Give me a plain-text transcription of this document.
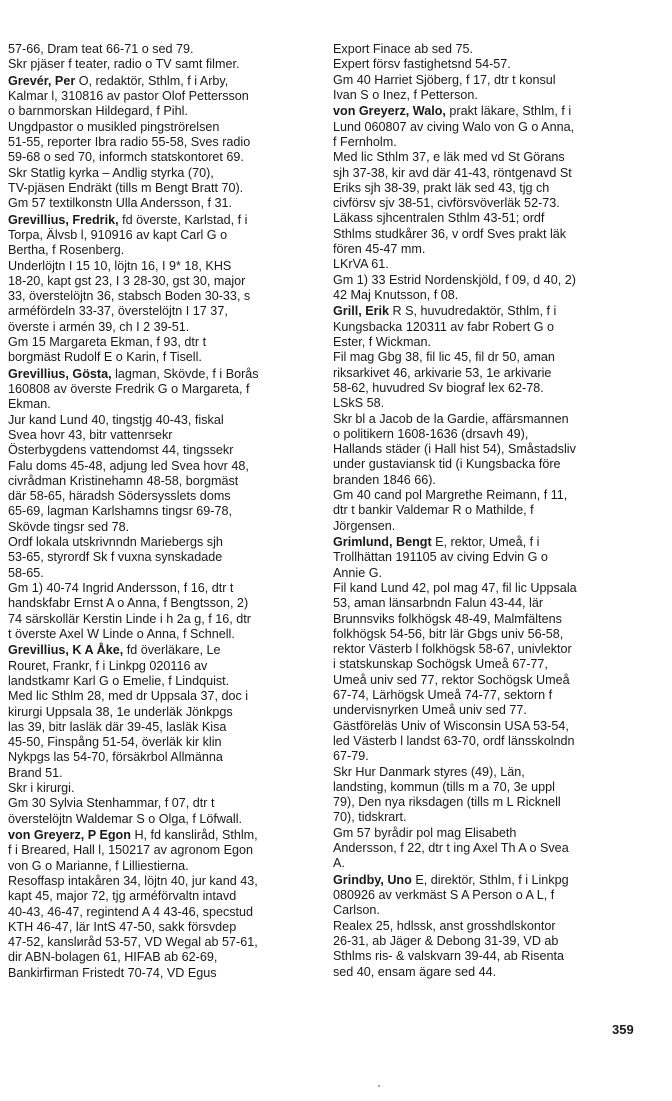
57-66, Dram teat 66-71 o sed 79.

Skr pjäser f teater, radio o TV samt filmer.

Grevér, Per O, redaktör, Sthlm, f i Arby,

Kalmar l, 310816 av pastor Olof Pettersson

o barnmorskan Hildegard, f Pihl.

Ungdpastor o musikled pingströrelsen

51-55, reporter Ibra radio 55-58, Sves radio

59-68 o sed 70, informch statskontoret 69.

Skr Statlig kyrka – Andlig styrka (70),

TV-pjäsen Endräkt (tills m Bengt Bratt 70).

Gm 57 textilkonstn Ulla Andersson, f 31.

Grevillius, Fredrik, fd överste, Karlstad, f i

Torpa, Älvsb l, 910916 av kapt Carl G o

Bertha, f Rosenberg.

Underlöjtn I 15 10, löjtn 16, I 9* 18, KHS

18-20, kapt gst 23, I 3 28-30, gst 30, major

33, överstelöjtn 36, stabsch Boden 30-33, s

arméfördeln 33-37, överstelöjtn I 17 37,

överste i armén 39, ch I 2 39-51.

Gm 15 Margareta Ekman, f 93, dtr t

borgmäst Rudolf E o Karin, f Tisell.

Grevillius, Gösta, lagman, Skövde, f i Borås

160808 av överste Fredrik G o Margareta, f

Ekman.

Jur kand Lund 40, tingstjg 40-43, fiskal

Svea hovr 43, bitr vattenrsekr

Österbygdens vattendomst 44, tingssekr

Falu doms 45-48, adjung led Svea hovr 48,

civrådman Kristinehamn 48-58, borgmäst

där 58-65, häradsh Södersysslets doms

65-69, lagman Karlshamns tingsr 69-78,

Skövde tingsr sed 78.

Ordf lokala utskrivnndn Mariebergs sjh

53-65, styrordf Sk f vuxna synskadade

58-65.

Gm 1) 40-74 Ingrid Andersson, f 16, dtr t

handskfabr Ernst A o Anna, f Bengtsson, 2)

74 särskollär Kerstin Linde i h 2a g, f 16, dtr

t överste Axel W Linde o Anna, f Schnell.

Grevillius, K A Åke, fd överläkare, Le

Rouret, Frankr, f i Linkpg 020116 av

landstkamr Karl G o Emelie, f Lindquist.

Med lic Sthlm 28, med dr Uppsala 37, doc i

kirurgi Uppsala 38, 1e underläk Jönkpgs

las 39, bitr lasläk där 39-45, lasläk Kisa

45-50, Finspång 51-54, överläk kir klin

Nykpgs las 54-70, försäkrbol Allmänna

Brand 51.

Skr i kirurgi.

Gm 30 Sylvia Stenhammar, f 07, dtr t

överstelöjtn Waldemar S o Olga, f Löfwall.

von Greyerz, P Egon H, fd kansliråd, Sthlm,

f i Breared, Hall l, 150217 av agronom Egon

von G o Marianne, f Lilliestierna.

Resoffasp intakåren 34, löjtn 40, jur kand 43,

kapt 45, major 72, tjg arméförvaltn intavd

40-43, 46-47, regintend A 4 43-46, specstud

KTH 46-47, lär IntS 47-50, sakk försvdep

47-52, kanslиråd 53-57, VD Wegal ab 57-61,

dir ABN-bolagen 61, HIFAB ab 62-69,

Bankirfirman Fristedt 70-74, VD Egus

Export Finace ab sed 75.

Expert försv fastighetsnd 54-57.

Gm 40 Harriet Sjöberg, f 17, dtr t konsul

Ivan S o Inez, f Petterson.

von Greyerz, Walo, prakt läkare, Sthlm, f i

Lund 060807 av civing Walo von G o Anna,

f Fernholm.

Med lic Sthlm 37, e läk med vd St Görans

sjh 37-38, kir avd där 41-43, röntgenavd St

Eriks sjh 38-39, prakt läk sed 43, tjg ch

civförsv sjv 38-51, civförsvöverläk 52-73.

Läkass sjhcentralen Sthlm 43-51; ordf

Sthlms studkårer 36, v ordf Sves prakt läk

fören 45-47 mm.

LKrVA 61.

Gm 1) 33 Estrid Nordenskjöld, f 09, d 40, 2)

42 Maj Knutsson, f 08.

Grill, Erik R S, huvudredaktör, Sthlm, f i

Kungsbacka 120311 av fabr Robert G o

Ester, f Wickman.

Fil mag Gbg 38, fil lic 45, fil dr 50, aman

riksarkivet 46, arkivarie 53, 1e arkivarie

58-62, huvudred Sv biograf lex 62-78.

LSkS 58.

Skr bl a Jacob de la Gardie, affärsmannen

o politikern 1608-1636 (drsavh 49),

Hallands städer (i Hall hist 54), Småstadsliv

under gustaviansk tid (i Kungsbacka före

branden 1846 66).

Gm 40 cand pol Margrethe Reimann, f 11,

dtr t bankir Valdemar R o Mathilde, f

Jörgensen.

Grimlund, Bengt E, rektor, Umeå, f i

Trollhättan 191105 av civing Edvin G o

Annie G.

Fil kand Lund 42, pol mag 47, fil lic Uppsala

53, aman länsarbndn Falun 43-44, lär

Brunnsviks folkhögsk 48-49, Malmfältens

folkhögsk 54-56, bitr lär Gbgs univ 56-58,

rektor Västerb l folkhögsk 58-67, univlektor

i statskunskap Sochögsk Umeå 67-77,

Umeå univ sed 77, rektor Sochögsk Umeå

67-74, Lärhögsk Umeå 74-77, sektorn f

undervisnyrken Umeå univ sed 77.

Gästföreläs Univ of Wisconsin USA 53-54,

led Västerb l landst 63-70, ordf länsskolndn

67-79.

Skr Hur Danmark styres (49), Län,

landsting, kommun (tills m a 70, 3e uppl

79), Den nya riksdagen (tills m L Ricknell

70), tidskrart.

Gm 57 byrådir pol mag Elisabeth

Andersson, f 22, dtr t ing Axel Th A o Svea

A.

Grindby, Uno E, direktör, Sthlm, f i Linkpg

080926 av verkmäst S A Person o A L, f

Carlson.

Realex 25, hdlssk, anst grosshdlskontor

26-31, ab Jäger & Debong 31-39, VD ab

Sthlms ris- & valskvarn 39-44, ab Risenta

sed 40, ensam ägare sed 44.

359
